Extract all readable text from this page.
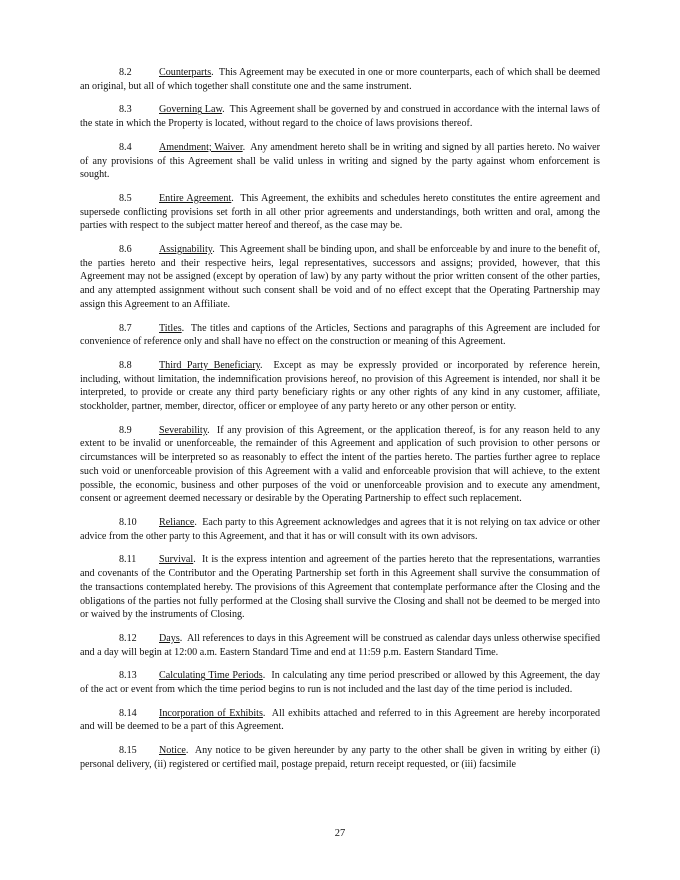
8.2	Counterparts.  This Agreement may be executed in one or more counterparts, each of which shall be deemed an original, but all of which together shall constitute one and the same instrument.

8.3	Governing Law.  This Agreement shall be governed by and construed in accordance with the internal laws of the state in which the Property is located, without regard to the choice of laws provisions thereof.

8.4	Amendment; Waiver.  Any amendment hereto shall be in writing and signed by all parties hereto. No waiver of any provisions of this Agreement shall be valid unless in writing and signed by the party against whom enforcement is sought.

8.5	Entire Agreement.  This Agreement, the exhibits and schedules hereto constitutes the entire agreement and supersede conflicting provisions set forth in all other prior agreements and understandings, both written and oral, among the parties with respect to the subject matter hereof and thereof, as the case may be.

8.6	Assignability.  This Agreement shall be binding upon, and shall be enforceable by and inure to the benefit of, the parties hereto and their respective heirs, legal representatives, successors and assigns; provided, however, that this Agreement may not be assigned (except by operation of law) by any party without the prior written consent of the other parties, and any attempted assignment without such consent shall be void and of no effect except that the Operating Partnership may assign this Agreement to an Affiliate.

8.7	Titles.  The titles and captions of the Articles, Sections and paragraphs of this Agreement are included for convenience of reference only and shall have no effect on the construction or meaning of this Agreement.

8.8	Third Party Beneficiary.  Except as may be expressly provided or incorporated by reference herein, including, without limitation, the indemnification provisions hereof, no provision of this Agreement is intended, nor shall it be interpreted, to provide or create any third party beneficiary rights or any other rights of any kind in any customer, affiliate, stockholder, partner, member, director, officer or employee of any party hereto or any other person or entity.

8.9	Severability.  If any provision of this Agreement, or the application thereof, is for any reason held to any extent to be invalid or unenforceable, the remainder of this Agreement and application of such provision to other persons or circumstances will be interpreted so as reasonably to effect the intent of the parties hereto. The parties further agree to replace such void or unenforceable provision of this Agreement with a valid and enforceable provision that will achieve, to the extent possible, the economic, business and other purposes of the void or unenforceable provision and to execute any amendment, consent or agreement deemed necessary or desirable by the Operating Partnership to effect such replacement.

8.10 Reliance.  Each party to this Agreement acknowledges and agrees that it is not relying on tax advice or other advice from the other party to this Agreement, and that it has or will consult with its own advisors.

8.11 Survival.  It is the express intention and agreement of the parties hereto that the representations, warranties and covenants of the Contributor and the Operating Partnership set forth in this Agreement shall survive the consummation of the transactions contemplated hereby. The provisions of this Agreement that contemplate performance after the Closing and the obligations of the parties not fully performed at the Closing shall survive the Closing and shall not be deemed to be merged into or waived by the instruments of Closing.

8.12 Days.  All references to days in this Agreement will be construed as calendar days unless otherwise specified and a day will begin at 12:00 a.m. Eastern Standard Time and end at 11:59 p.m. Eastern Standard Time.

8.13 Calculating Time Periods.  In calculating any time period prescribed or allowed by this Agreement, the day of the act or event from which the time period begins to run is not included and the last day of the time period is included.

8.14 Incorporation of Exhibits.  All exhibits attached and referred to in this Agreement are hereby incorporated and will be deemed to be a part of this Agreement.

8.15 Notice.  Any notice to be given hereunder by any party to the other shall be given in writing by either (i) personal delivery, (ii) registered or certified mail, postage prepaid, return receipt requested, or (iii) facsimile

27
